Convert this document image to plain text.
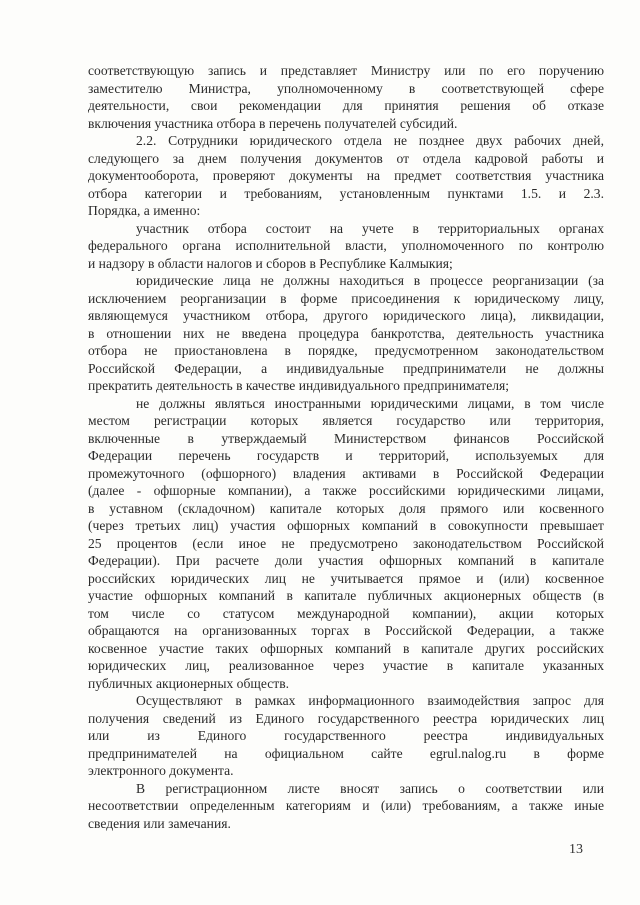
соответствующую запись и представляет Министру или по его поручению
заместителю Министра, уполномоченному в соответствующей сфере
деятельности, свои рекомендации для принятия решения об отказе
включения участника отбора в перечень получателей субсидий.
2.2. Сотрудники юридического отдела не позднее двух рабочих дней,
следующего за днем получения документов от отдела кадровой работы и
документооборота, проверяют документы на предмет соответствия участника
отбора категории и требованиям, установленным пунктами 1.5. и 2.3.
Порядка, а именно:
участник отбора состоит на учете в территориальных органах
федерального органа исполнительной власти, уполномоченного по контролю
и надзору в области налогов и сборов в Республике Калмыкия;
юридические лица не должны находиться в процессе реорганизации (за
исключением реорганизации в форме присоединения к юридическому лицу,
являющемуся участником отбора, другого юридического лица), ликвидации,
в отношении них не введена процедура банкротства, деятельность участника
отбора не приостановлена в порядке, предусмотренном законодательством
Российской Федерации, а индивидуальные предприниматели не должны
прекратить деятельность в качестве индивидуального предпринимателя;
не должны являться иностранными юридическими лицами, в том числе
местом регистрации которых является государство или территория,
включенные в утверждаемый Министерством финансов Российской
Федерации перечень государств и территорий, используемых для
промежуточного (офшорного) владения активами в Российской Федерации
(далее - офшорные компании), а также российскими юридическими лицами,
в уставном (складочном) капитале которых доля прямого или косвенного
(через третьих лиц) участия офшорных компаний в совокупности превышает
25 процентов (если иное не предусмотрено законодательством Российской
Федерации). При расчете доли участия офшорных компаний в капитале
российских юридических лиц не учитывается прямое и (или) косвенное
участие офшорных компаний в капитале публичных акционерных обществ (в
том числе со статусом международной компании), акции которых
обращаются на организованных торгах в Российской Федерации, а также
косвенное участие таких офшорных компаний в капитале других российских
юридических лиц, реализованное через участие в капитале указанных
публичных акционерных обществ.
Осуществляют в рамках информационного взаимодействия запрос для
получения сведений из Единого государственного реестра юридических лиц
или из Единого государственного реестра индивидуальных
предпринимателей на официальном сайте egrul.nalog.ru в форме
электронного документа.
В регистрационном листе вносят запись о соответствии или
несоответствии определенным категориям и (или) требованиям, а также иные
сведения или замечания.
13
